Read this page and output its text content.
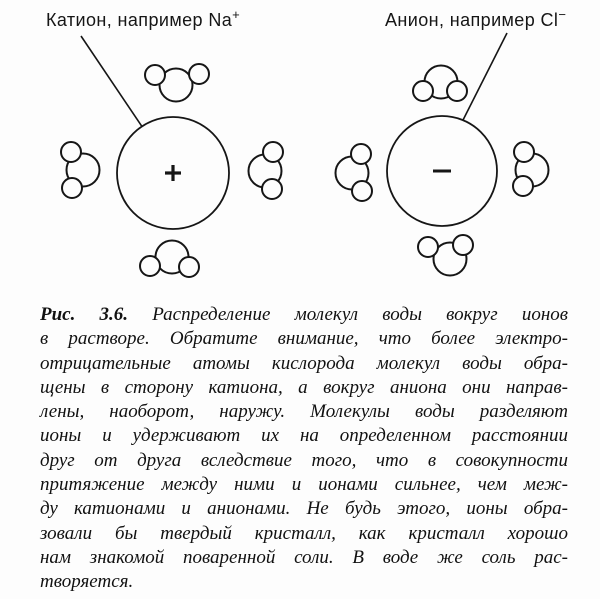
Катион, например Na+	Анион, например Cl−
Рис. 3.6. Распределение молекул воды вокруг ионов
в растворе. Обратите внимание, что более электро-
отрицательные атомы кислорода молекул воды обра-
щены в сторону катиона, а вокруг аниона они направ-
лены, наоборот, наружу. Молекулы воды разделяют
ионы и удерживают их на определенном расстоянии
друг от друга вследствие того, что в совокупности
притяжение между ними и ионами сильнее, чем меж-
ду катионами и анионами. Не будь этого, ионы обра-
зовали бы твердый кристалл, как кристалл хорошо
нам знакомой поваренной соли. В воде же соль рас-
творяется.
